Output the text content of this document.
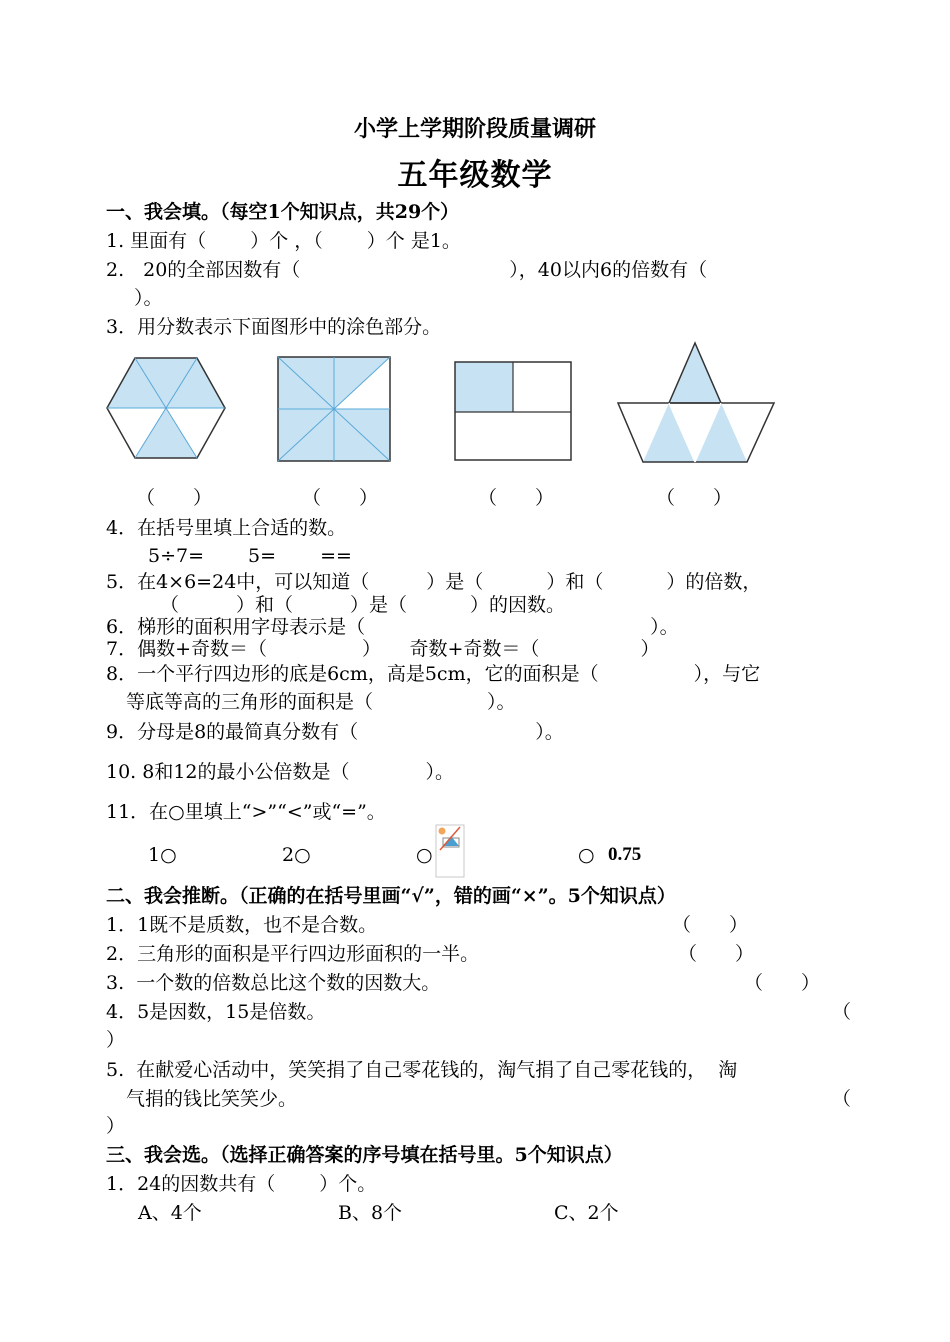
小学上学期阶段质量调研
五年级数学
一、我会填。（每空1个知识点，共29个）
1. 里面有（　　 ）个 ，（　　 ）个 是1。
2.　20的全部因数有（　　　　　　　　　　　），40以内6的倍数有（
）。
3．用分数表示下面图形中的涂色部分。
（　　）	（　　）	（　　）	（　　）
4．在括号里填上合适的数。
5÷7=　　 5=　　 ==
5．在4×6=24中，可以知道（　　　）是（　　　 ）和（　　　 ）的倍数，
（　　　）和（　　　）是（　　　 ）的因数。
6．梯形的面积用字母表示是（　　　　　　　　　　　　　　　）。
7．偶数+奇数＝（　　　　　）　　奇数+奇数＝（　　　　　 ）
8．一个平行四边形的底是6cm，高是5cm，它的面积是（　　　　　），与它
等底等高的三角形的面积是（　　　　　　）。
9．分母是8的最简真分数有（　　　　　　　　　 ）。
10. 8和12的最小公倍数是（　　　　）。
11．在○里填上“>”“<”或“=”。
1○	2○	○	○ 0.75
二、我会推断。（正确的在括号里画“√”，错的画“×”。5个知识点）
1．1既不是质数，也不是合数。	（　　）
2．三角形的面积是平行四边形面积的一半。	（　　）
3.  一个数的倍数总比这个数的因数大。	（　　）
4．5是因数，15是倍数。	（
）
5.  在献爱心活动中，笑笑捐了自己零花钱的，淘气捐了自己零花钱的，  淘
气捐的钱比笑笑少。	（
）
三、我会选。（选择正确答案的序号填在括号里。5个知识点）
1．24的因数共有（　　 ）个。
A、4个	B、8个	C、2个
